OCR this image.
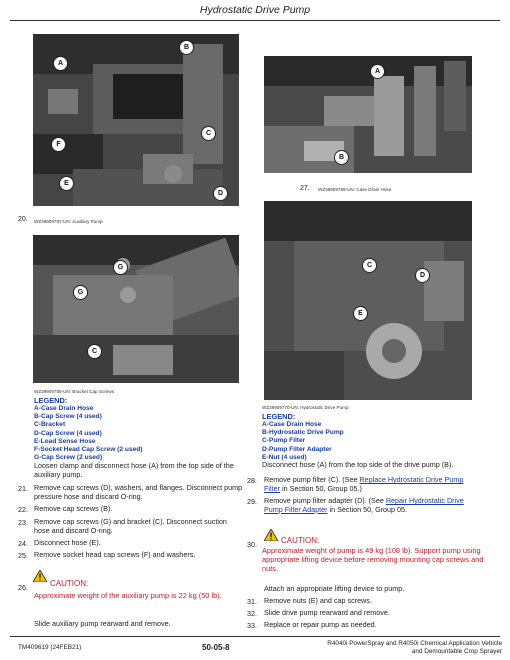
Hydrostatic Drive Pump
A
B
C
F
E
D
A
B
27. WZ39909789-UN: Case Drain Hose
20. WZ39909787-UN: Auxiliary Pump
G
G
C
C
D
E
WZ39909788-UN: Bracket Cap Screws
LEGEND:
A-Case Drain Hose
B-Cap Screw (4 used)
C-Bracket
D-Cap Screw (4 used)
E-Load Sense Hose
F-Socket Head Cap Screw (2 used)
G-Cap Screw (2 used)
Loosen clamp and disconnect hose (A) from the top side of the auxiliary pump.
21. Remove cap screws (D), washers, and flanges. Disconnect pump pressure hose and discard O-ring.
22. Remove cap screws (B).
23. Remove cap screws (G) and bracket (C). Disconnect suction hose and discard O-ring.
24. Disconnect hose (E).
25. Remove socket head cap screws (F) and washers.
26.	CAUTION:
Approximate weight of the auxiliary pump is 22 kg (50 lb).
Slide auxiliary pump rearward and remove.
WZ39909770-UN: Hydrostatic Drive Pump
LEGEND:
A-Case Drain Hose
B-Hydrostatic Drive Pump
C-Pump Filter
D-Pump Filter Adapter
E-Nut (4 used)
Disconnect hose (A) from the top side of the drive pump (B).
28. Remove pump filter (C). (See Replace Hydrostatic Drive Pump Filter in Section 50, Group 05.)
29. Remove pump filter adapter (D). (See Repair Hydrostatic Drive Pump Filter Adapter in Section 50, Group 05.
30.	CAUTION:
Approximate weight of pump is 49 kg (108 lb). Support pump using appropriate lifting device before removing mounting cap screws and nuts.
Attach an appropriate lifting device to pump.
31. Remove nuts (E) and cap screws.
32. Slide drive pump rearward and remove.
33. Replace or repair pump as needed.
TM409619 (24FEB21)	50-05-8	R4040i PowerSpray and R4050i Chemical Application Vehicle
and Demountable Crop Sprayer
